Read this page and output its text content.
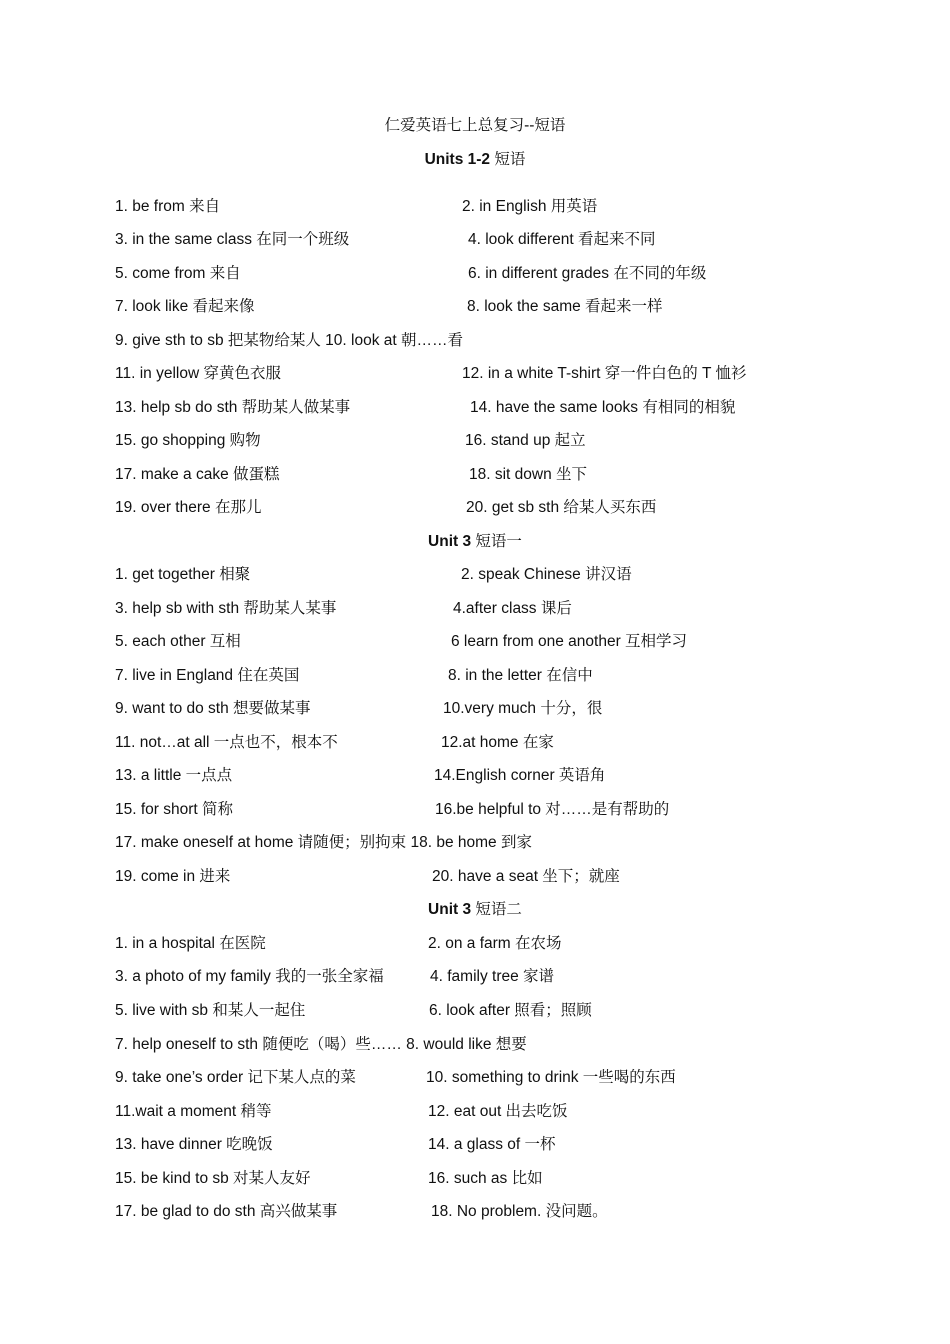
仁爱英语七上总复习--短语
Units 1-2 短语
1. be from 来自	2. in English 用英语
3. in the same class 在同一个班级	4. look different 看起来不同
5. come from 来自	6. in different grades 在不同的年级
7. look like 看起来像	8. look the same 看起来一样
9. give sth to sb 把某物给某人 10. look at 朝……看
11. in yellow 穿黄色衣服	12. in a white T-shirt 穿一件白色的 T 恤衫
13. help sb do sth 帮助某人做某事	14. have the same looks 有相同的相貌
15. go shopping 购物	16. stand up 起立
17. make a cake 做蛋糕	18. sit down 坐下
19. over there 在那儿	20. get sb sth 给某人买东西
Unit 3 短语一
1. get together 相聚	2. speak Chinese 讲汉语
3. help sb with sth 帮助某人某事	4.after class 课后
5. each other 互相	6 learn from one another 互相学习
7. live in England 住在英国	8. in the letter 在信中
9. want to do sth 想要做某事	10.very much 十分，很
11. not…at all 一点也不，根本不	12.at home 在家
13. a little 一点点	14.English corner 英语角
15. for short 简称	16.be helpful to 对……是有帮助的
17. make oneself at home 请随便；别拘束 18. be home 到家
19. come in 进来	20. have a seat 坐下；就座
Unit 3 短语二
1. in a hospital 在医院	2. on a farm 在农场
3. a photo of my family 我的一张全家福	4. family tree 家谱
5. live with sb 和某人一起住	6. look after 照看；照顾
7. help oneself to sth 随便吃（喝）些…… 8. would like 想要
9. take one’s order 记下某人点的菜	10. something to drink 一些喝的东西
11.wait a moment 稍等	12. eat out 出去吃饭
13. have dinner 吃晚饭	14. a glass of 一杯
15. be kind to sb 对某人友好	16. such as 比如
17. be glad to do sth 高兴做某事	18. No problem. 没问题。
